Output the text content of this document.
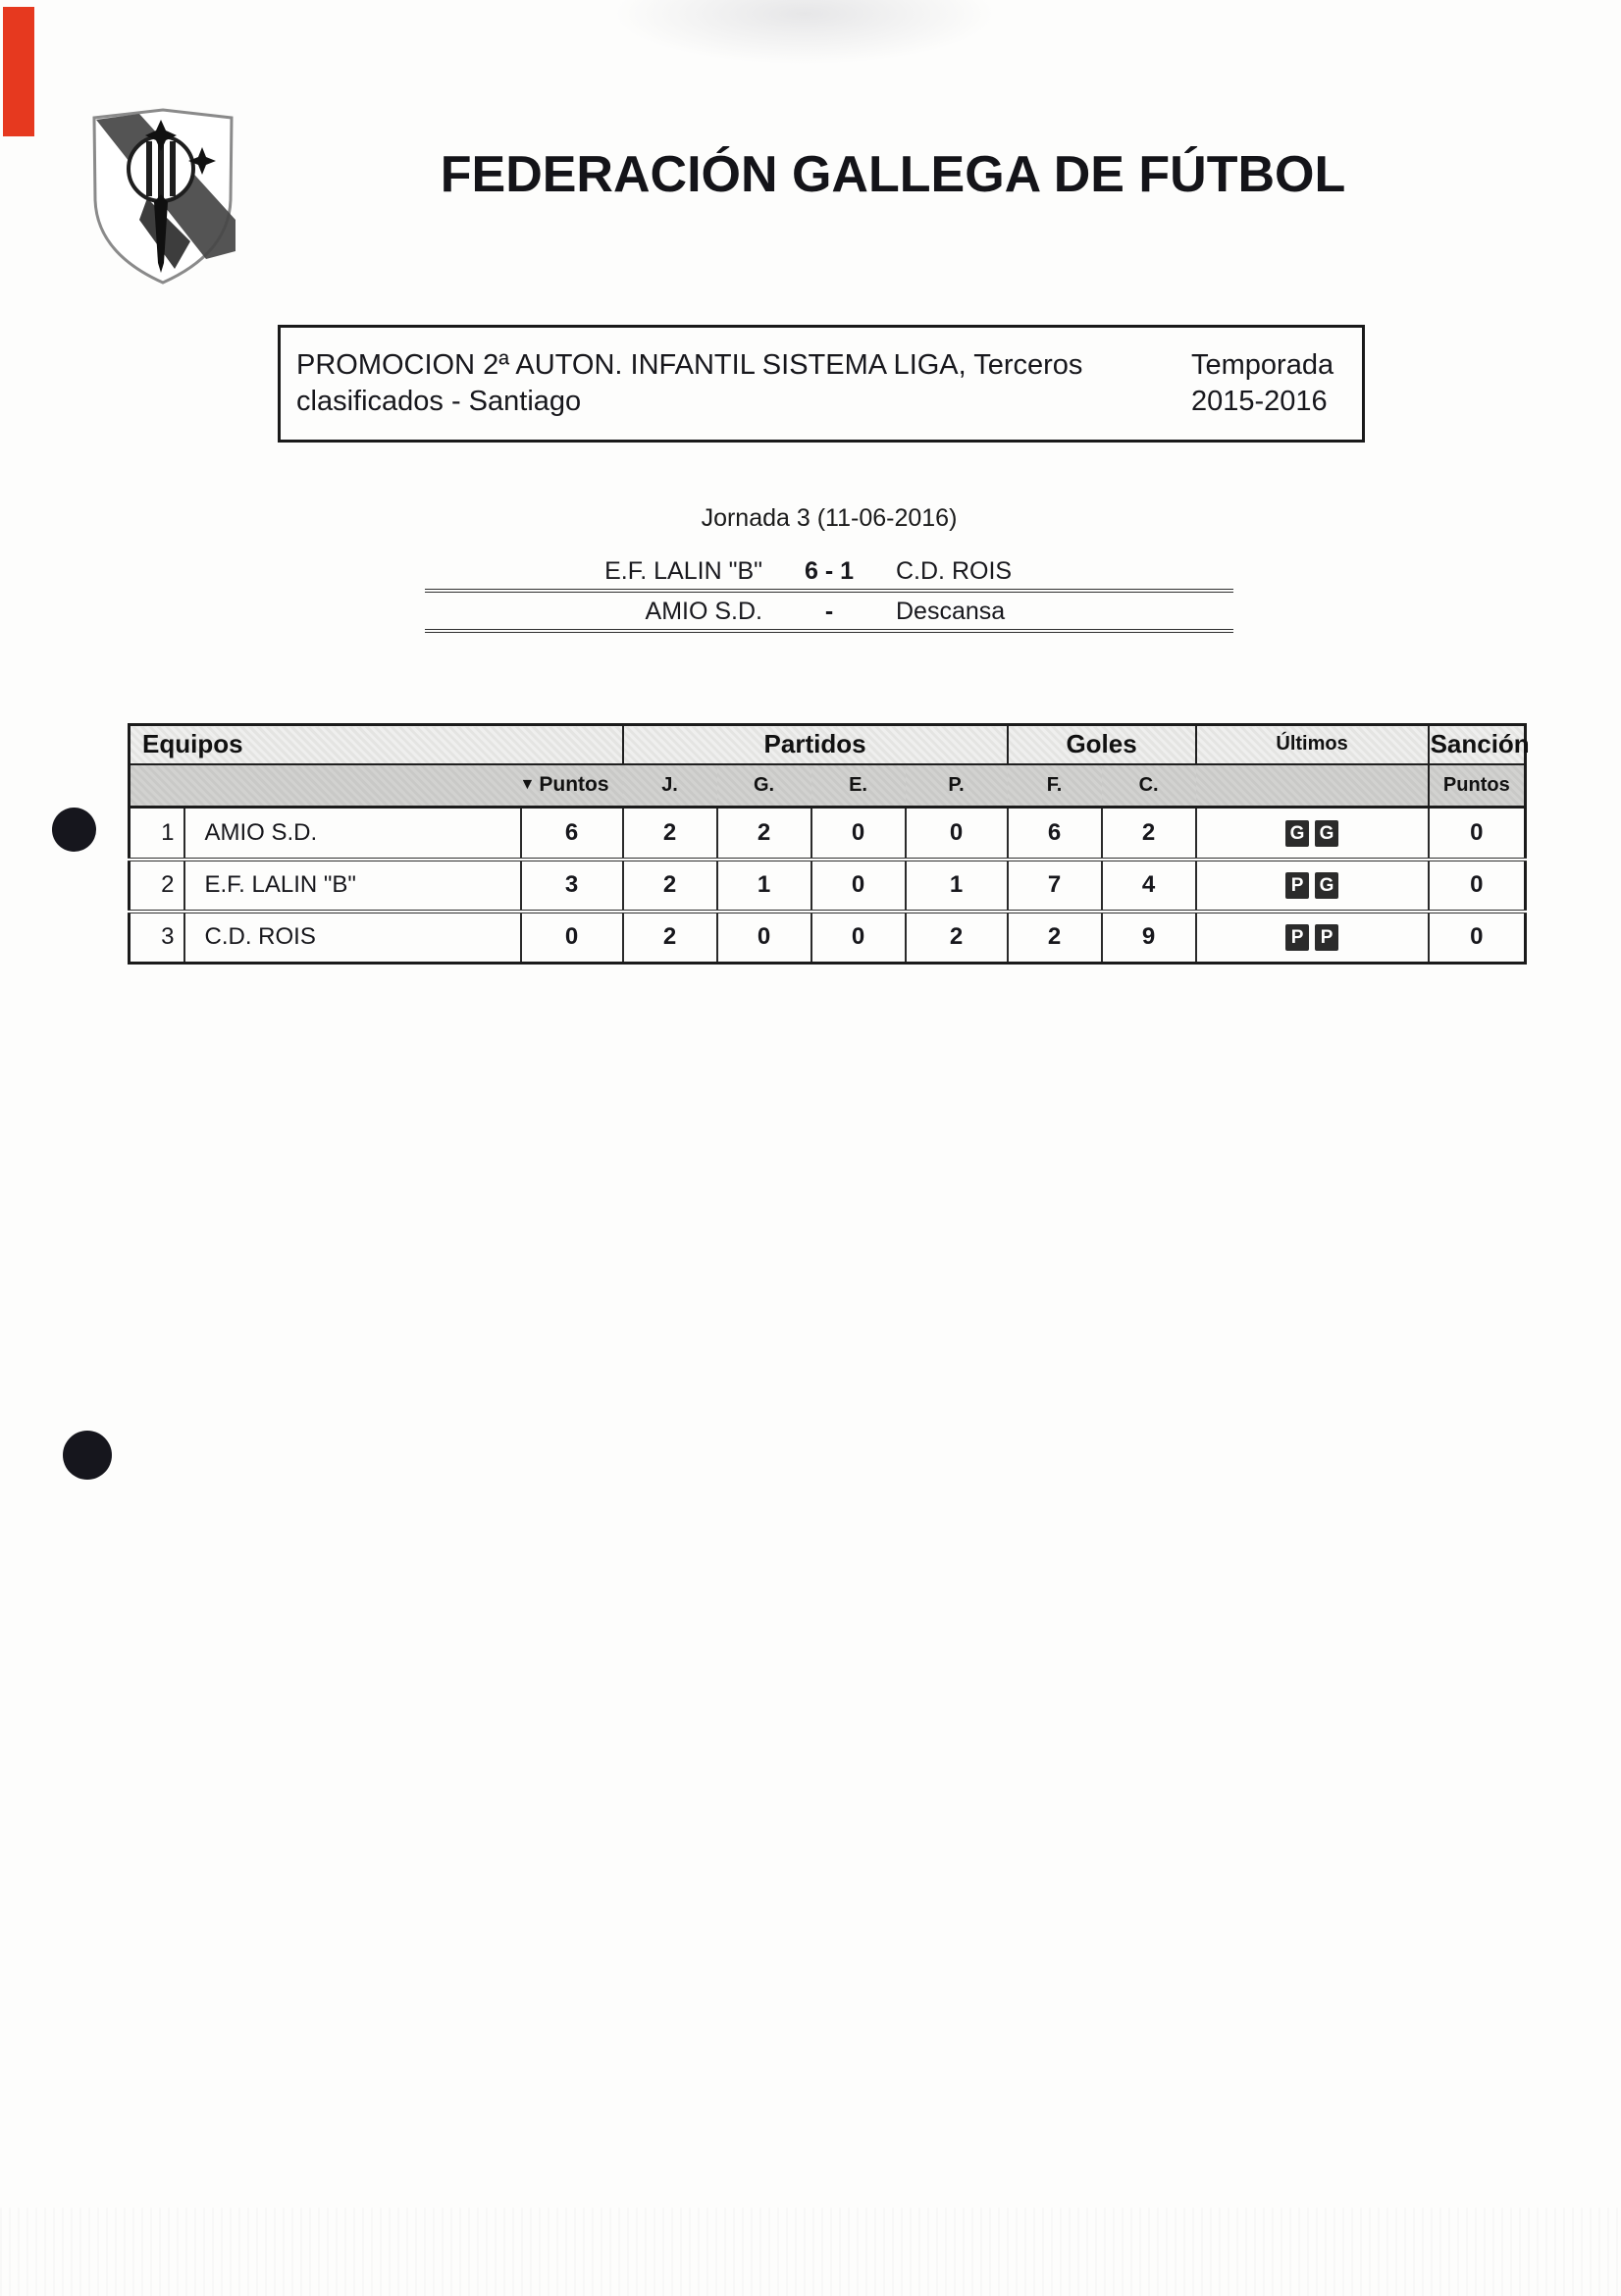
FEDERACIÓN GALLEGA DE FÚTBOL
PROMOCION 2ª AUTON. INFANTIL SISTEMA LIGA, Terceros
clasificados - Santiago
Temporada
2015-2016
Jornada 3 (11-06-2016)
E.F. LALIN "B"	6 - 1	C.D. ROIS
AMIO S.D.	-	Descansa
Equipos			Partidos				Goles		Últimos	Sanción
▼ Puntos			J.	G.	E.	P.	F.	C.		Puntos
1	AMIO S.D.	6	2	2	0	0	6	2	G G	0
2	E.F. LALIN "B"	3	2	1	0	1	7	4	P G	0
3	C.D. ROIS	0	2	0	0	2	2	9	P P	0
